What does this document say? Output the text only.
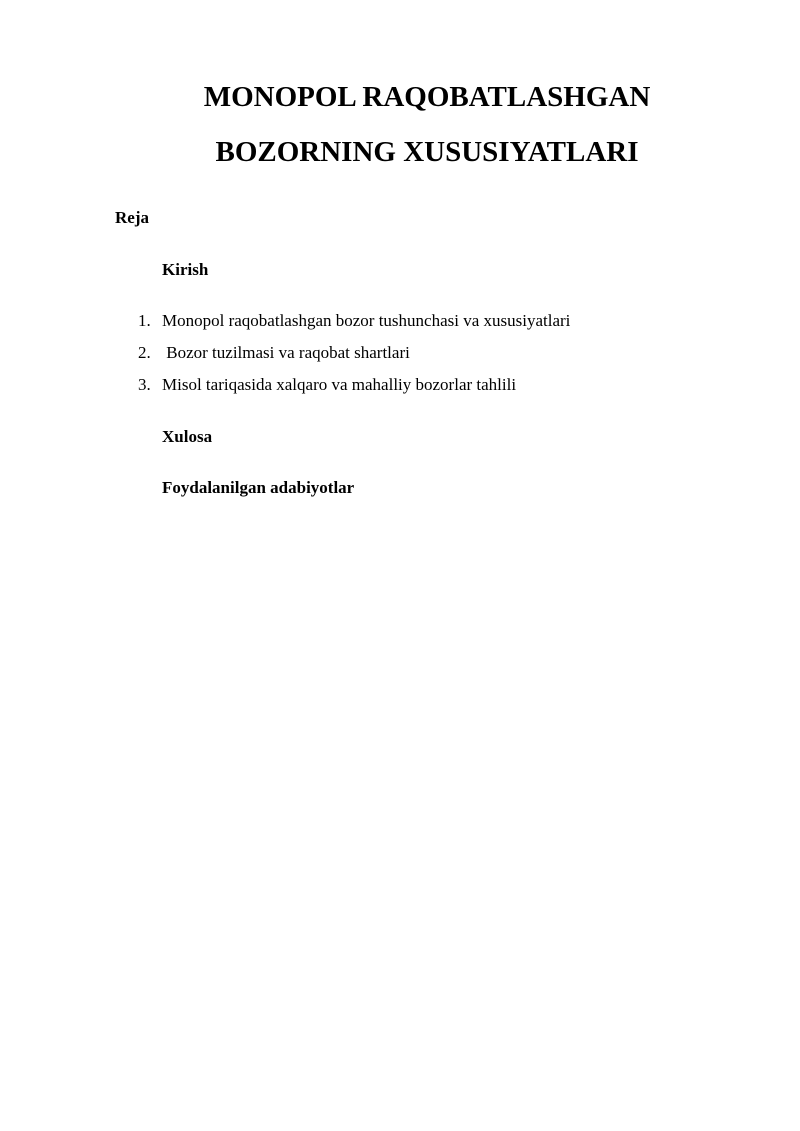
MONOPOL RAQOBATLASHGAN
BOZORNING XUSUSIYATLARI
Reja
Kirish
1. Monopol raqobatlashgan bozor tushunchasi va xususiyatlari
2. Bozor tuzilmasi va raqobat shartlari
3. Misol tariqasida xalqaro va mahalliy bozorlar tahlili
Xulosa
Foydalanilgan adabiyotlar
